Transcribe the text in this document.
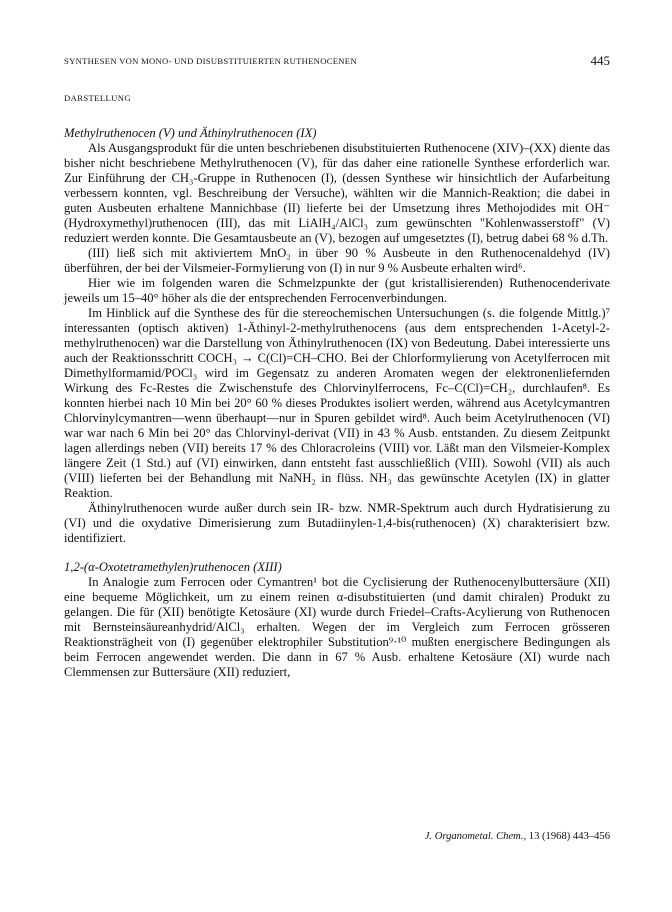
SYNTHESEN VON MONO- UND DISUBSTITUIERTEN RUTHENOCENEN	445
DARSTELLUNG

Methylruthenocen (V) und Äthinylruthenocen (IX)

Als Ausgangsprodukt für die unten beschriebenen disubstituierten Ruthenocene (XIV)–(XX) diente das bisher nicht beschriebene Methylruthenocen (V), für das daher eine rationelle Synthese erforderlich war. Zur Einführung der CH₃-Gruppe in Ruthenocen (I), (dessen Synthese wir hinsichtlich der Aufarbeitung verbessern konnten, vgl. Beschreibung der Versuche), wählten wir die Mannich-Reaktion; die dabei in guten Ausbeuten erhaltene Mannichbase (II) lieferte bei der Umsetzung ihres Methojodides mit OH⁻ (Hydroxymethyl)ruthenocen (III), das mit LiAlH₄/AlCl₃ zum gewünschten "Kohlenwasserstoff" (V) reduziert werden konnte. Die Gesamtausbeute an (V), bezogen auf umgesetztes (I), betrug dabei 68 % d.Th.

(III) ließ sich mit aktiviertem MnO₂ in über 90 % Ausbeute in den Ruthenocenaldehyd (IV) überführen, der bei der Vilsmeier-Formylierung von (I) in nur 9 % Ausbeute erhalten wird⁶.

Hier wie im folgenden waren die Schmelzpunkte der (gut kristallisierenden) Ruthenocenderivate jeweils um 15–40° höher als die der entsprechenden Ferrocenverbindungen.

Im Hinblick auf die Synthese des für die stereochemischen Untersuchungen (s. die folgende Mittlg.)⁷ interessanten (optisch aktiven) 1-Äthinyl-2-methylruthenocens (aus dem entsprechenden 1-Acetyl-2-methylruthenocen) war die Darstellung von Äthinylruthenocen (IX) von Bedeutung. Dabei interessierte uns auch der Reaktionsschritt COCH₃ → C(Cl)=CH–CHO. Bei der Chlorformylierung von Acetylferrocen mit Dimethylformamid/POCl₃ wird im Gegensatz zu anderen Aromaten wegen der elektronenliefernden Wirkung des Fc-Restes die Zwischenstufe des Chlorvinylferrocens, Fc–C(Cl)=CH₂, durchlaufen⁸. Es konnten hierbei nach 10 Min bei 20° 60 % dieses Produktes isoliert werden, während aus Acetylcymantren Chlorvinylcymantren—wenn überhaupt—nur in Spuren gebildet wird⁸. Auch beim Acetylruthenocen (VI) war war nach 6 Min bei 20° das Chlorvinyl-derivat (VII) in 43 % Ausb. entstanden. Zu diesem Zeitpunkt lagen allerdings neben (VII) bereits 17 % des Chloracroleins (VIII) vor. Läßt man den Vilsmeier-Komplex längere Zeit (1 Std.) auf (VI) einwirken, dann entsteht fast ausschließlich (VIII). Sowohl (VII) als auch (VIII) lieferten bei der Behandlung mit NaNH₂ in flüss. NH₃ das gewünschte Acetylen (IX) in glatter Reaktion.

Äthinylruthenocen wurde außer durch sein IR- bzw. NMR-Spektrum auch durch Hydratisierung zu (VI) und die oxydative Dimerisierung zum Butadiinylen-1,4-bis(ruthenocen) (X) charakterisiert bzw. identifiziert.

1,2-(α-Oxotetramethylen)ruthenocen (XIII)

In Analogie zum Ferrocen oder Cymantren¹ bot die Cyclisierung der Ruthenocenylbuttersäure (XII) eine bequeme Möglichkeit, um zu einem reinen α-disubstituierten (und damit chiralen) Produkt zu gelangen. Die für (XII) benötigte Ketosäure (XI) wurde durch Friedel–Crafts-Acylierung von Ruthenocen mit Bernsteinsäureanhydrid/AlCl₃ erhalten. Wegen der im Vergleich zum Ferrocen grösseren Reaktionsträgheit von (I) gegenüber elektrophiler Substitution⁹·¹⁰ mußten energischere Bedingungen als beim Ferrocen angewendet werden. Die dann in 67 % Ausb. erhaltene Ketosäure (XI) wurde nach Clemmensen zur Buttersäure (XII) reduziert,

J. Organometal. Chem., 13 (1968) 443–456
